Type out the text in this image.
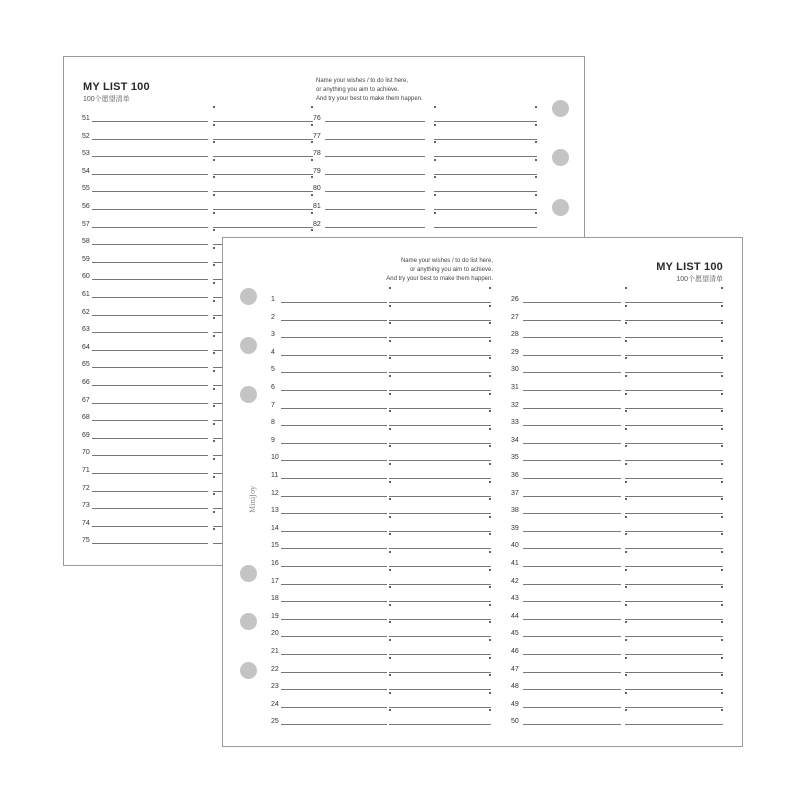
MY LIST 100
100个愿望清单
Name your wishes / to do list here,
or anything you aim to achieve.
And try your best to make them happen.
51
52
53
54
55
56
57
58
59
60
61
62
63
64
65
66
67
68
69
70
71
72
73
74
75
76
77
78
79
80
81
82
Name your wishes / to do list here,
or anything you aim to achieve.
And try your best to make them happen.
MY LIST 100
100个愿望清单
MiniJoy
1
2
3
4
5
6
7
8
9
10
11
12
13
14
15
16
17
18
19
20
21
22
23
24
25
26
27
28
29
30
31
32
33
34
35
36
37
38
39
40
41
42
43
44
45
46
47
48
49
50
